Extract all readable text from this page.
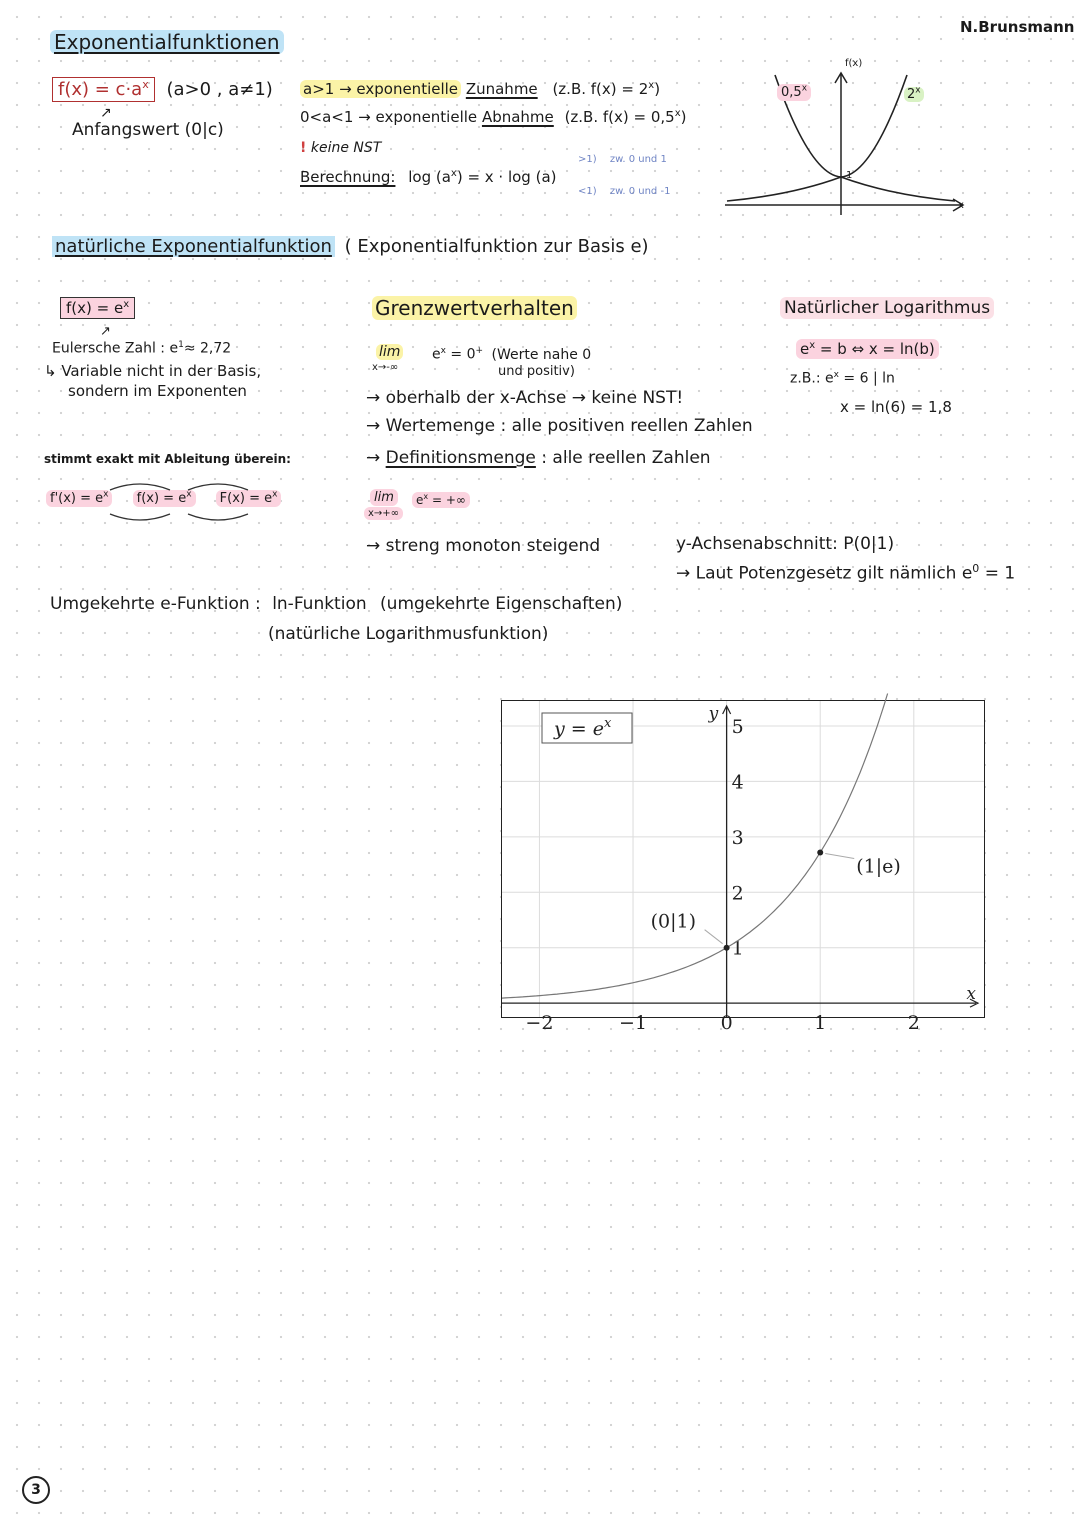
N.Brunsmann
Exponentialfunktionen
$f(x) = c\cdot a^x$ (a>0 , a≠1)
↗
Anfangswert (0|c)
a>1 → exponentielle Zunahme (z.B. $f(x) = 2^x$)
0<a<1 → exponentielle Abnahme (z.B. $f(x) = 0,5^x$)
! keine NST
Berechnung: $\log (a^x) = x \cdot \log (a)$
>1) zw. 0 und 1
<1) zw. 0 und -1
f(x)
x
0,5$^x$	2$^x$
1
natürliche Exponentialfunktion ( Exponentialfunktion zur Basis e)
$f(x) = e^x$
↗
Eulersche Zahl : $e^1\approx 2,72$
↳ Variable nicht in der Basis,
sondern im Exponenten
stimmt exakt mit Ableitung überein:
$f'(x) = e^x$ $f(x) = e^x$ $F(x) = e^x$
Grenzwertverhalten
lim
x→-∞
$e^x = 0^+$ (Werte nahe 0
und positiv)
→ oberhalb der x-Achse → keine NST!
→ Wertemenge : alle positiven reellen Zahlen
→ Definitionsmenge : alle reellen Zahlen
lim
x→+∞
$e^x$ = +∞
→ streng monoton steigend
Natürlicher Logarithmus
$e^x = b$ ⇔ x = ln(b)
z.B.: $e^x = 6$ | ln
x = ln(6) = 1,8
y-Achsenabschnitt: P(0|1)
→ Laut Potenzgesetz gilt nämlich $e^0 = 1$
Umgekehrte e-Funktion : ln-Funktion (umgekehrte Eigenschaften)
(natürliche Logarithmusfunktion)
−2	−1	0	1	2
1
2
3
4
5
x
y
(0|1)
(1|e)
$y = e^x$
3
